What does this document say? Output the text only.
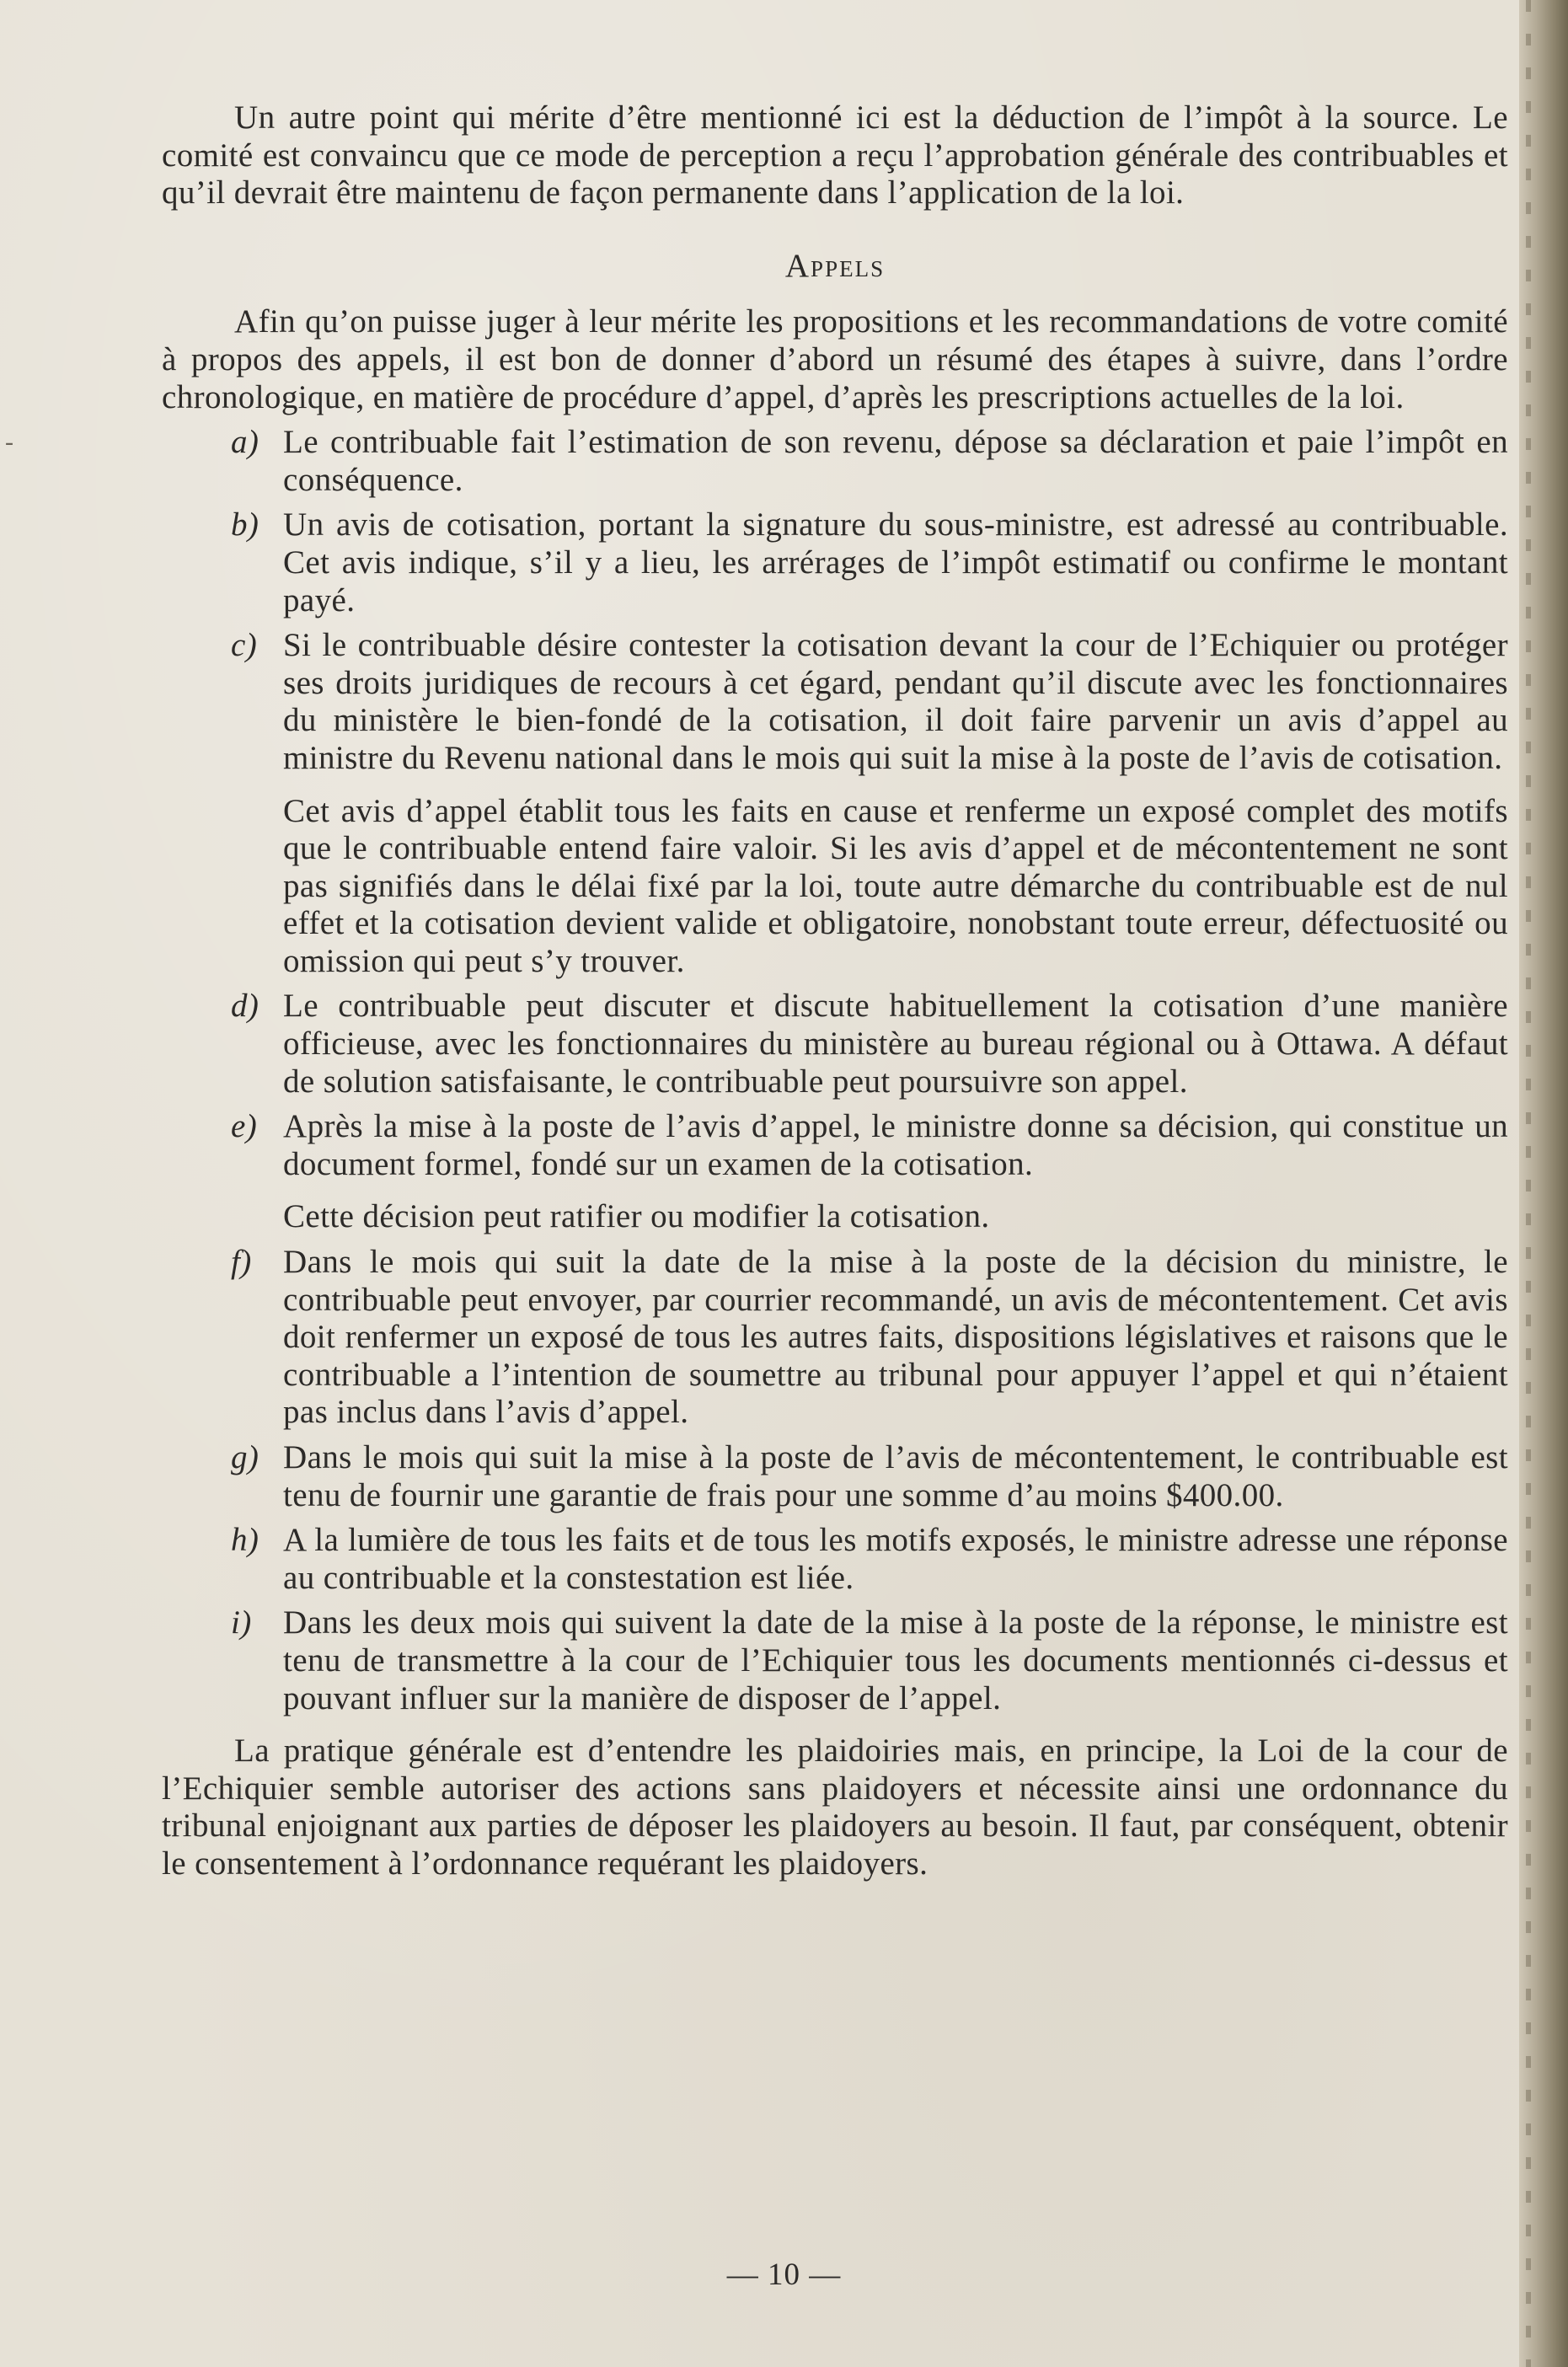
-

Un autre point qui mérite d’être mentionné ici est la déduction de l’impôt à la source. Le comité est convaincu que ce mode de perception a reçu l’approbation générale des contribuables et qu’il devrait être maintenu de façon permanente dans l’application de la loi.

Appels

Afin qu’on puisse juger à leur mérite les propositions et les recommandations de votre comité à propos des appels, il est bon de donner d’abord un résumé des étapes à suivre, dans l’ordre chronologique, en matière de procédure d’appel, d’après les prescriptions actuelles de la loi.

a) Le contribuable fait l’estimation de son revenu, dépose sa déclaration et paie l’impôt en conséquence.
b) Un avis de cotisation, portant la signature du sous-ministre, est adressé au contribuable. Cet avis indique, s’il y a lieu, les arrérages de l’impôt estimatif ou confirme le montant payé.
c) Si le contribuable désire contester la cotisation devant la cour de l’Echiquier ou protéger ses droits juridiques de recours à cet égard, pendant qu’il discute avec les fonctionnaires du ministère le bien-fondé de la cotisation, il doit faire parvenir un avis d’appel au ministre du Revenu national dans le mois qui suit la mise à la poste de l’avis de cotisation.

Cet avis d’appel établit tous les faits en cause et renferme un exposé complet des motifs que le contribuable entend faire valoir. Si les avis d’appel et de mécontentement ne sont pas signifiés dans le délai fixé par la loi, toute autre démarche du contribuable est de nul effet et la cotisation devient valide et obligatoire, nonobstant toute erreur, défectuosité ou omission qui peut s’y trouver.

d) Le contribuable peut discuter et discute habituellement la cotisation d’une manière officieuse, avec les fonctionnaires du ministère au bureau régional ou à Ottawa. A défaut de solution satisfaisante, le contribuable peut poursuivre son appel.
e) Après la mise à la poste de l’avis d’appel, le ministre donne sa décision, qui constitue un document formel, fondé sur un examen de la cotisation.

Cette décision peut ratifier ou modifier la cotisation.

f) Dans le mois qui suit la date de la mise à la poste de la décision du ministre, le contribuable peut envoyer, par courrier recommandé, un avis de mécontentement. Cet avis doit renfermer un exposé de tous les autres faits, dispositions législatives et raisons que le contribuable a l’intention de soumettre au tribunal pour appuyer l’appel et qui n’étaient pas inclus dans l’avis d’appel.
g) Dans le mois qui suit la mise à la poste de l’avis de mécontentement, le contribuable est tenu de fournir une garantie de frais pour une somme d’au moins $400.00.
h) A la lumière de tous les faits et de tous les motifs exposés, le ministre adresse une réponse au contribuable et la constestation est liée.
i) Dans les deux mois qui suivent la date de la mise à la poste de la réponse, le ministre est tenu de transmettre à la cour de l’Echiquier tous les documents mentionnés ci-dessus et pouvant influer sur la manière de disposer de l’appel.

La pratique générale est d’entendre les plaidoiries mais, en principe, la Loi de la cour de l’Echiquier semble autoriser des actions sans plaidoyers et nécessite ainsi une ordonnance du tribunal enjoignant aux parties de déposer les plaidoyers au besoin. Il faut, par conséquent, obtenir le consentement à l’ordonnance requérant les plaidoyers.

— 10 —
